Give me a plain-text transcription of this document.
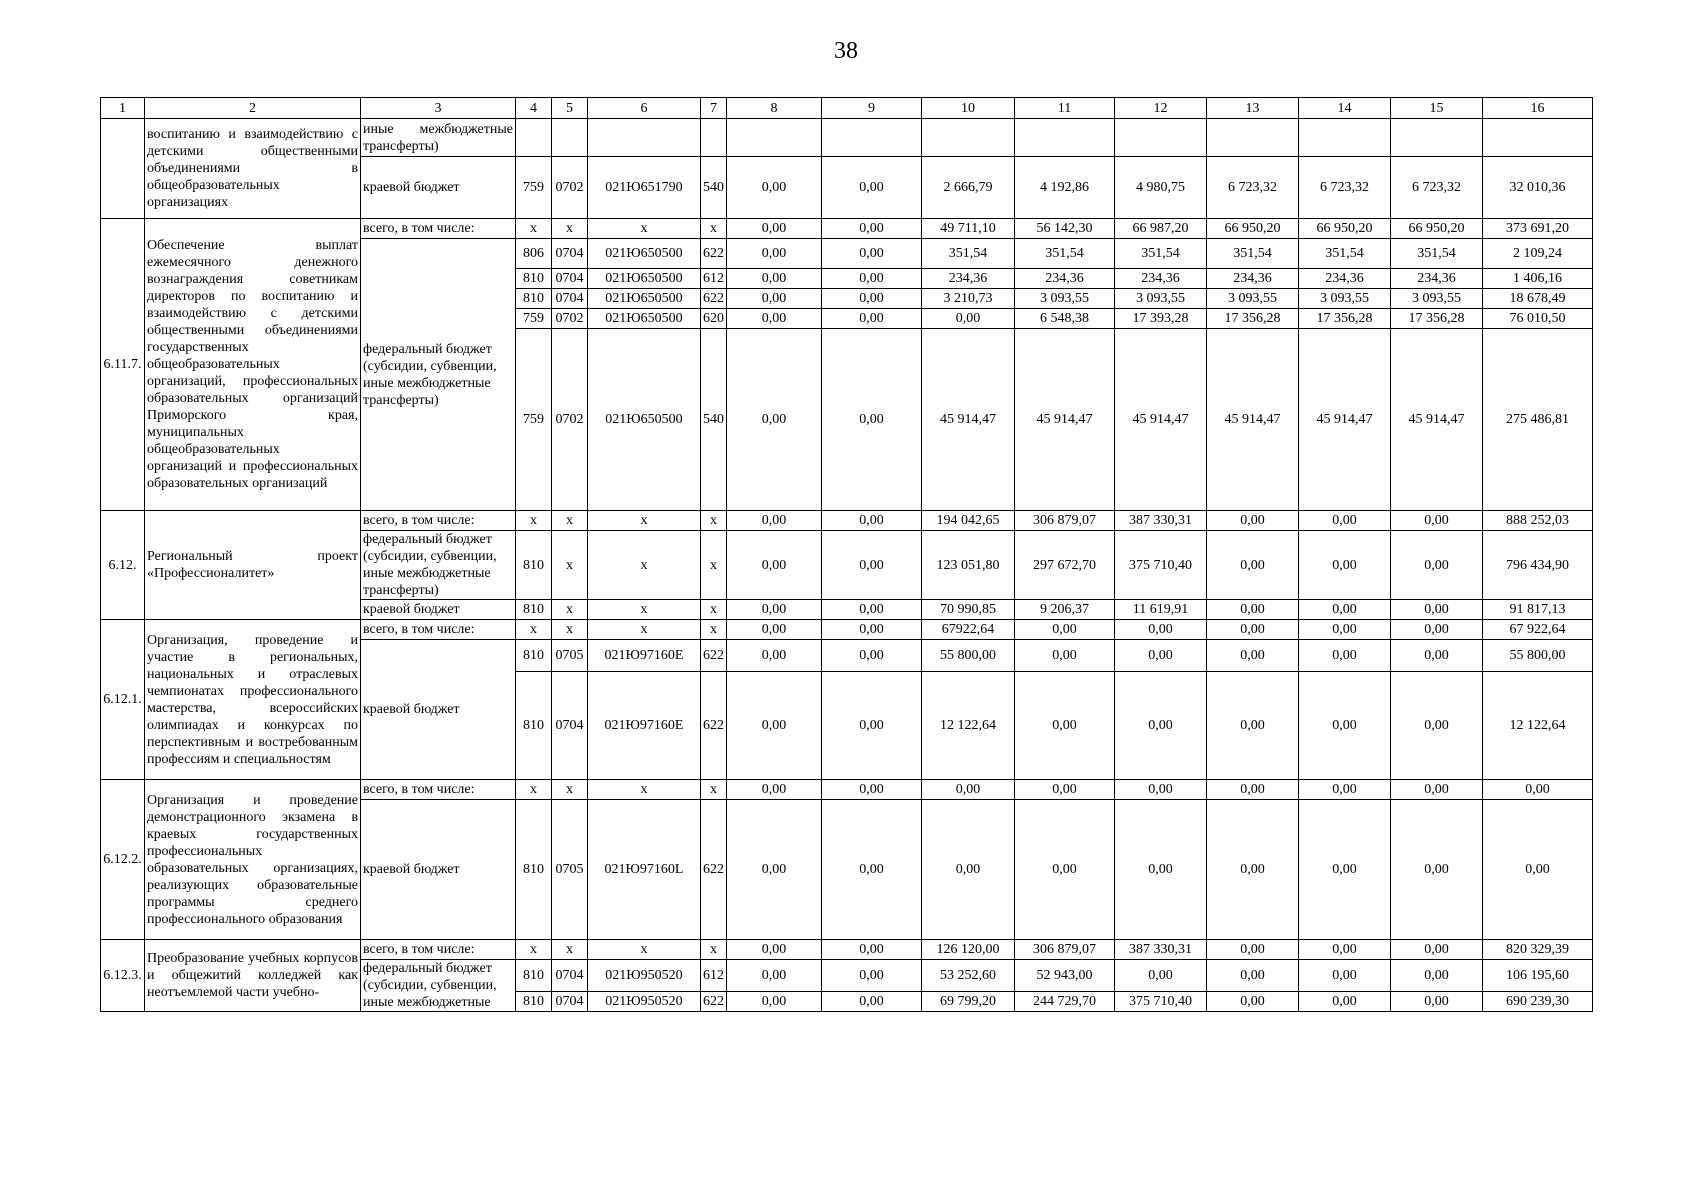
38
1	2	3	4	5	6	7	8	9	10	11	12	13	14	15	16
	воспитанию и взаимодействию с детскими общественными объединениями в общеобразовательных организациях	иные межбюджетные трансферты)													
		краевой бюджет	759	0702	021Ю651790	540	0,00	0,00	2 666,79	4 192,86	4 980,75	6 723,32	6 723,32	6 723,32	32 010,36
6.11.7.	Обеспечение выплат ежемесячного денежного вознаграждения советникам директоров по воспитанию и взаимодействию с детскими общественными объединениями государственных общеобразовательных организаций, профессиональных образовательных организаций Приморского края, муниципальных общеобразовательных организаций и профессиональных образовательных организаций	всего, в том числе:	x	x	x	x	0,00	0,00	49 711,10	56 142,30	66 987,20	66 950,20	66 950,20	66 950,20	373 691,20
		федеральный бюджет (субсидии, субвенции, иные межбюджетные трансферты)	806	0704	021Ю650500	622	0,00	0,00	351,54	351,54	351,54	351,54	351,54	351,54	2 109,24
			810	0704	021Ю650500	612	0,00	0,00	234,36	234,36	234,36	234,36	234,36	234,36	1 406,16
			810	0704	021Ю650500	622	0,00	0,00	3 210,73	3 093,55	3 093,55	3 093,55	3 093,55	3 093,55	18 678,49
			759	0702	021Ю650500	620	0,00	0,00	0,00	6 548,38	17 393,28	17 356,28	17 356,28	17 356,28	76 010,50
			759	0702	021Ю650500	540	0,00	0,00	45 914,47	45 914,47	45 914,47	45 914,47	45 914,47	45 914,47	275 486,81
6.12.	Региональный проект «Профессионалитет»	всего, в том числе:	x	x	x	x	0,00	0,00	194 042,65	306 879,07	387 330,31	0,00	0,00	0,00	888 252,03
		федеральный бюджет (субсидии, субвенции, иные межбюджетные трансферты)	810	x	x	x	0,00	0,00	123 051,80	297 672,70	375 710,40	0,00	0,00	0,00	796 434,90
		краевой бюджет	810	x	x	x	0,00	0,00	70 990,85	9 206,37	11 619,91	0,00	0,00	0,00	91 817,13
6.12.1.	Организация, проведение и участие в региональных, национальных и отраслевых чемпионатах профессионального мастерства, всероссийских олимпиадах и конкурсах по перспективным и востребованным профессиям и специальностям	всего, в том числе:	x	x	x	x	0,00	0,00	67922,64	0,00	0,00	0,00	0,00	0,00	67 922,64
		краевой бюджет	810	0705	021Ю97160E	622	0,00	0,00	55 800,00	0,00	0,00	0,00	0,00	0,00	55 800,00
			810	0704	021Ю97160E	622	0,00	0,00	12 122,64	0,00	0,00	0,00	0,00	0,00	12 122,64
6.12.2.	Организация и проведение демонстрационного экзамена в краевых государственных профессиональных образовательных организациях, реализующих образовательные программы среднего профессионального образования	всего, в том числе:	x	x	x	x	0,00	0,00	0,00	0,00	0,00	0,00	0,00	0,00	0,00
		краевой бюджет	810	0705	021Ю97160L	622	0,00	0,00	0,00	0,00	0,00	0,00	0,00	0,00	0,00
6.12.3.	Преобразование учебных корпусов и общежитий колледжей как неотъемлемой части учебно-	всего, в том числе:	x	x	x	x	0,00	0,00	126 120,00	306 879,07	387 330,31	0,00	0,00	0,00	820 329,39
		федеральный бюджет (субсидии, субвенции, иные межбюджетные	810	0704	021Ю950520	612	0,00	0,00	53 252,60	52 943,00	0,00	0,00	0,00	0,00	106 195,60
			810	0704	021Ю950520	622	0,00	0,00	69 799,20	244 729,70	375 710,40	0,00	0,00	0,00	690 239,30
